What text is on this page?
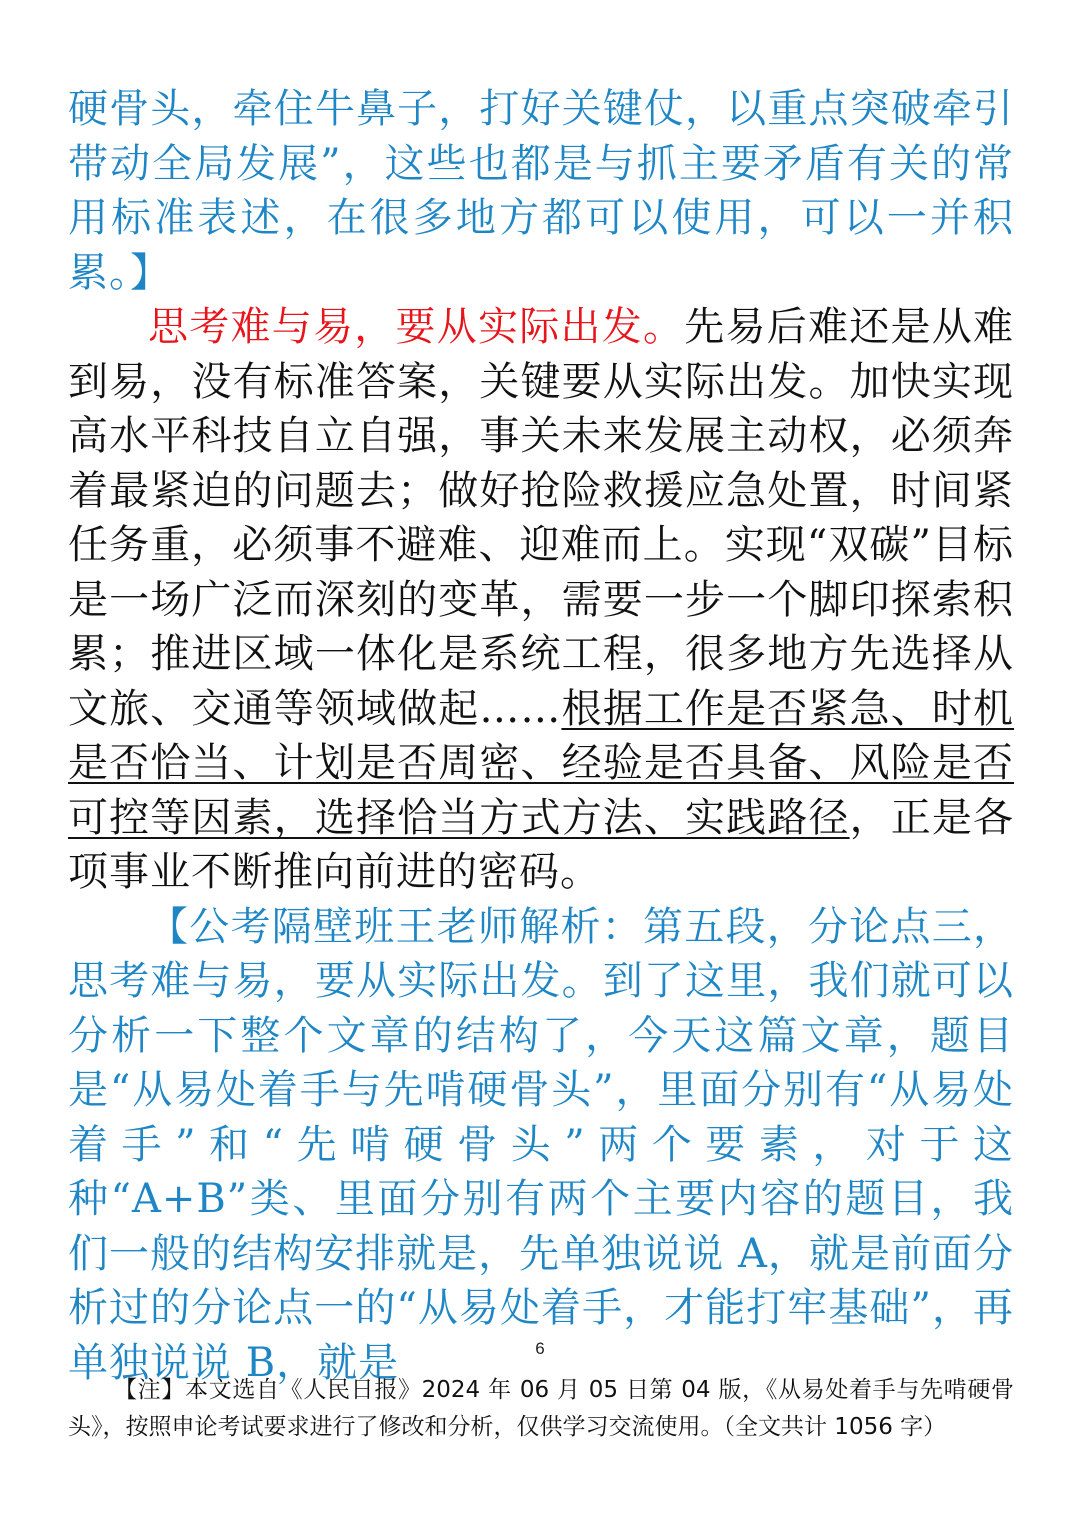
硬骨头，牵住牛鼻子，打好关键仗，以重点突破牵引带动全局发展”，这些也都是与抓主要矛盾有关的常用标准表述，在很多地方都可以使用，可以一并积累。】

思考难与易，要从实际出发。先易后难还是从难到易，没有标准答案，关键要从实际出发。加快实现高水平科技自立自强，事关未来发展主动权，必须奔着最紧迫的问题去；做好抢险救援应急处置，时间紧任务重，必须事不避难、迎难而上。实现“双碳”目标是一场广泛而深刻的变革，需要一步一个脚印探索积累；推进区域一体化是系统工程，很多地方先选择从文旅、交通等领域做起……根据工作是否紧急、时机是否恰当、计划是否周密、经验是否具备、风险是否可控等因素，选择恰当方式方法、实践路径，正是各项事业不断推向前进的密码。

【公考隔壁班王老师解析：第五段，分论点三，思考难与易，要从实际出发。到了这里，我们就可以分析一下整个文章的结构了，今天这篇文章，题目是“从易处着手与先啃硬骨头”，里面分别有“从易处着手”和“先啃硬骨头”两个要素，对于这种“A+B”类、里面分别有两个主要内容的题目，我们一般的结构安排就是，先单独说说 A，就是前面分析过的分论点一的“从易处着手，才能打牢基础”，再单独说说 B，就是	6
【注】本文选自《人民日报》2024 年 06 月 05 日第 04 版，《从易处着手与先啃硬骨头》，按照申论考试要求进行了修改和分析，仅供学习交流使用。（全文共计 1056 字）
